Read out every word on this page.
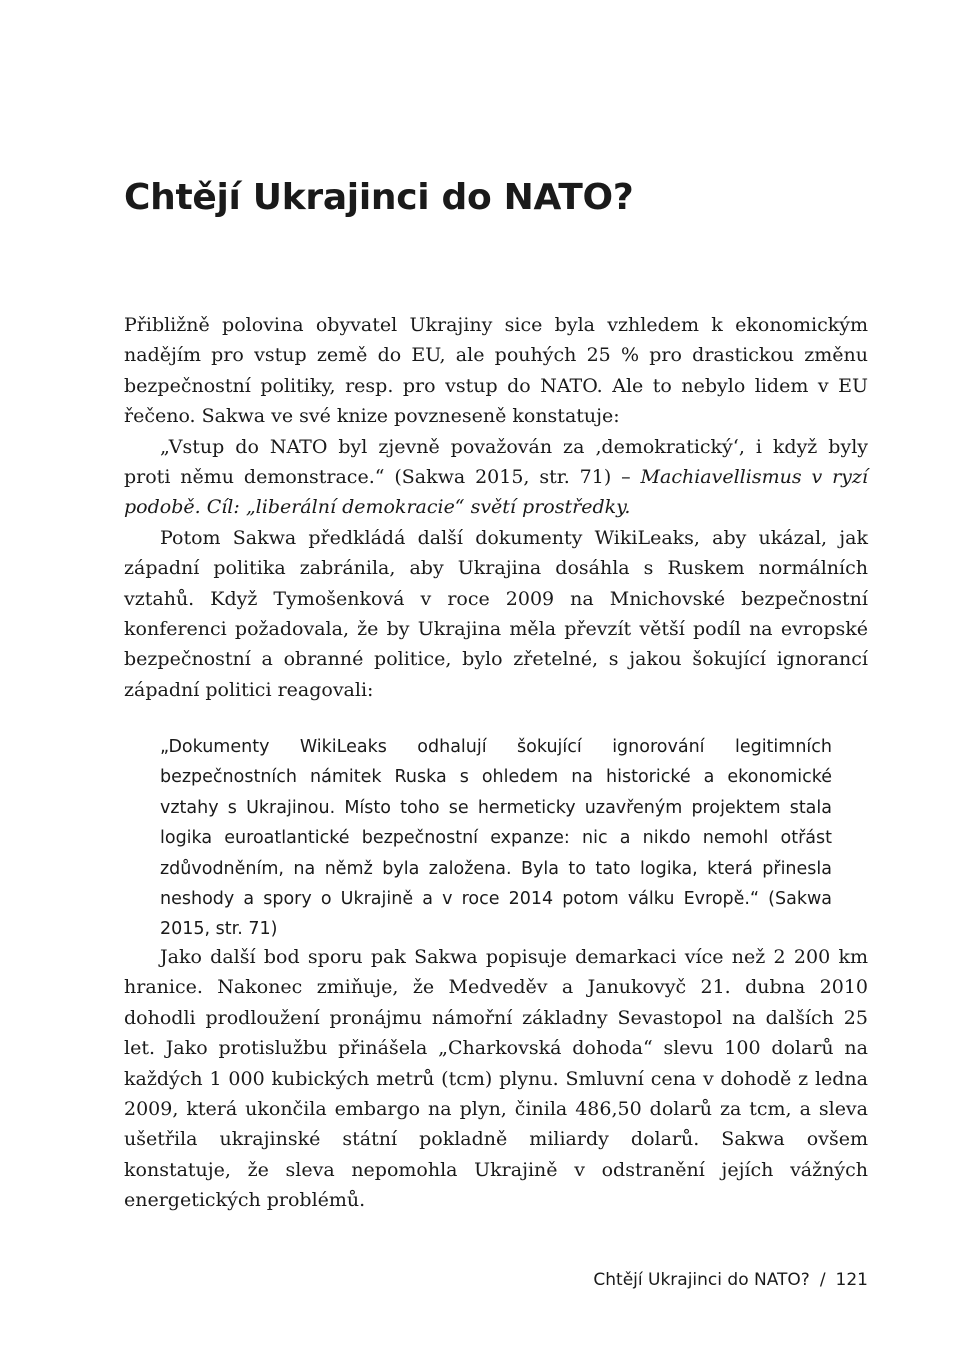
Chtějí Ukrajinci do NATO?

Přibližně polovina obyvatel Ukrajiny sice byla vzhledem k ekonomickým nadějím pro vstup země do EU, ale pouhých 25 % pro drastickou změnu bezpečnostní politiky, resp. pro vstup do NATO. Ale to nebylo lidem v EU řečeno. Sakwa ve své knize povzneseně konstatuje:

„Vstup do NATO byl zjevně považován za ‚demokratický‘, i když byly proti němu demonstrace.“ (Sakwa 2015, str. 71) – Machiavellismus v ryzí podobě. Cíl: „liberální demokracie“ světí prostředky.

Potom Sakwa předkládá další dokumenty WikiLeaks, aby ukázal, jak západní politika zabránila, aby Ukrajina dosáhla s Ruskem normálních vztahů. Když Tymošenková v roce 2009 na Mnichovské bezpečnostní konferenci požadovala, že by Ukrajina měla převzít větší podíl na evropské bezpečnostní a obranné politice, bylo zřetelné, s jakou šokující ignorancí západní politici reagovali:

„Dokumenty WikiLeaks odhalují šokující ignorování legitimních bezpečnostních námitek Ruska s ohledem na historické a ekonomické vztahy s Ukrajinou. Místo toho se hermeticky uzavřeným projektem stala logika euroatlantické bezpečnostní expanze: nic a nikdo nemohl otřást zdůvodněním, na němž byla založena. Byla to tato logika, která přinesla neshody a spory o Ukrajině a v roce 2014 potom válku Evropě.“ (Sakwa 2015, str. 71)

Jako další bod sporu pak Sakwa popisuje demarkaci více než 2 200 km hranice. Nakonec zmiňuje, že Medveděv a Janukovyč 21. dubna 2010 dohodli prodloužení pronájmu námořní základny Sevastopol na dalších 25 let. Jako protislužbu přinášela „Charkovská dohoda“ slevu 100 dolarů na každých 1 000 kubických metrů (tcm) plynu. Smluvní cena v dohodě z ledna 2009, která ukončila embargo na plyn, činila 486,50 dolarů za tcm, a sleva ušetřila ukrajinské státní pokladně miliardy dolarů. Sakwa ovšem konstatuje, že sleva nepomohla Ukrajině v odstranění jejích vážných energetických problémů.

Chtějí Ukrajinci do NATO? / 121
